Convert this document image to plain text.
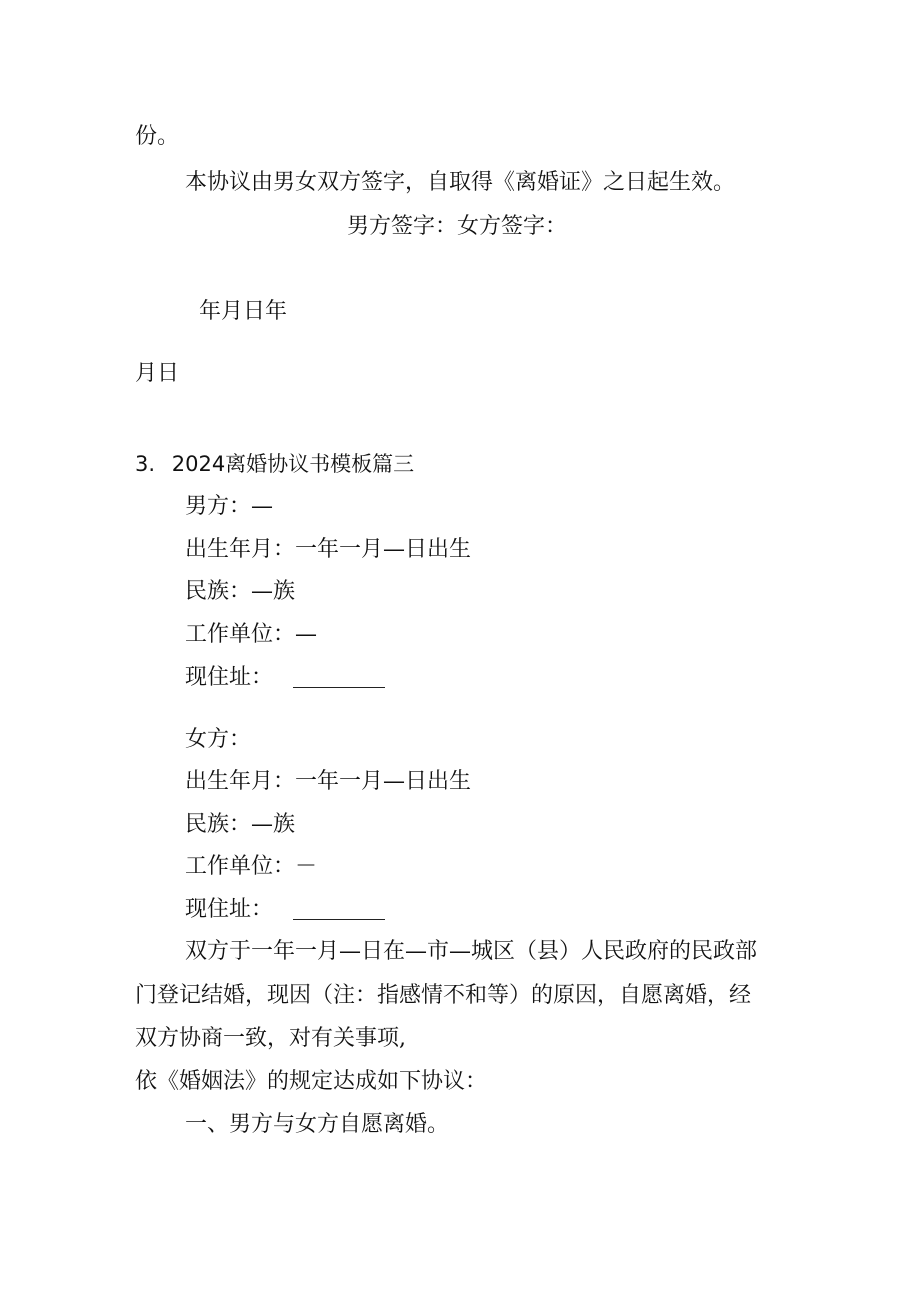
份。
本协议由男女双方签字，自取得《离婚证》之日起生效。
男方签字：女方签字：
年月日年
月日
3. 2024离婚协议书模板篇三
男方：—
出生年月：一年一月—日出生
民族：—族
工作单位：—
现住址：
女方：
出生年月：一年一月—日出生
民族：—族
工作单位：－
现住址：
双方于一年一月—日在—市—城区（县）人民政府的民政部
门登记结婚，现因（注：指感情不和等）的原因，自愿离婚，经
双方协商一致，对有关事项,
依《婚姻法》的规定达成如下协议：
一、男方与女方自愿离婚。
